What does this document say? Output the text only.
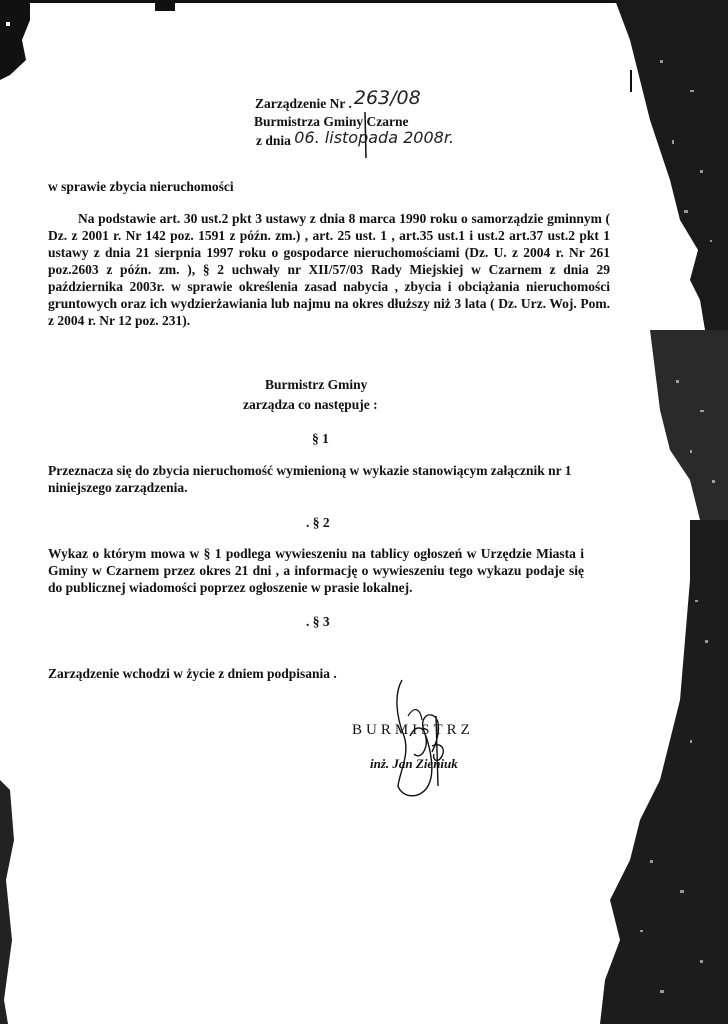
Zarządzenie Nr . 263/08
Burmistrza Gminy Czarne
z dnia 06. listopada 2008r.
w sprawie zbycia nieruchomości
Na podstawie art. 30 ust.2 pkt 3 ustawy z dnia 8 marca 1990 roku o samorządzie gminnym ( Dz. z 2001 r. Nr 142 poz. 1591 z późn. zm.) , art. 25 ust. 1 , art.35 ust.1 i ust.2 art.37 ust.2 pkt 1 ustawy z dnia 21 sierpnia 1997 roku o gospodarce nieruchomościami (Dz. U. z 2004 r. Nr 261 poz.2603 z późn. zm. ), § 2 uchwały nr XII/57/03 Rady Miejskiej w Czarnem z dnia 29 października 2003r. w sprawie określenia zasad nabycia , zbycia i obciążania nieruchomości gruntowych oraz ich wydzierżawiania lub najmu na okres dłuższy niż 3 lata ( Dz. Urz. Woj. Pom. z 2004 r. Nr 12 poz. 231).
Burmistrz Gminy
zarządza co następuje :
§ 1
Przeznacza się do zbycia nieruchomość wymienioną w wykazie stanowiącym załącznik nr 1 niniejszego zarządzenia.
. § 2
Wykaz o którym mowa w § 1 podlega wywieszeniu na tablicy ogłoszeń w Urzędzie Miasta i Gminy w Czarnem przez okres 21 dni , a informację o wywieszeniu tego wykazu podaje się do publicznej wiadomości poprzez ogłoszenie w prasie lokalnej.
. § 3
Zarządzenie wchodzi w życie z dniem podpisania .
BURMISTRZ
inż. Jan Zieniuk
